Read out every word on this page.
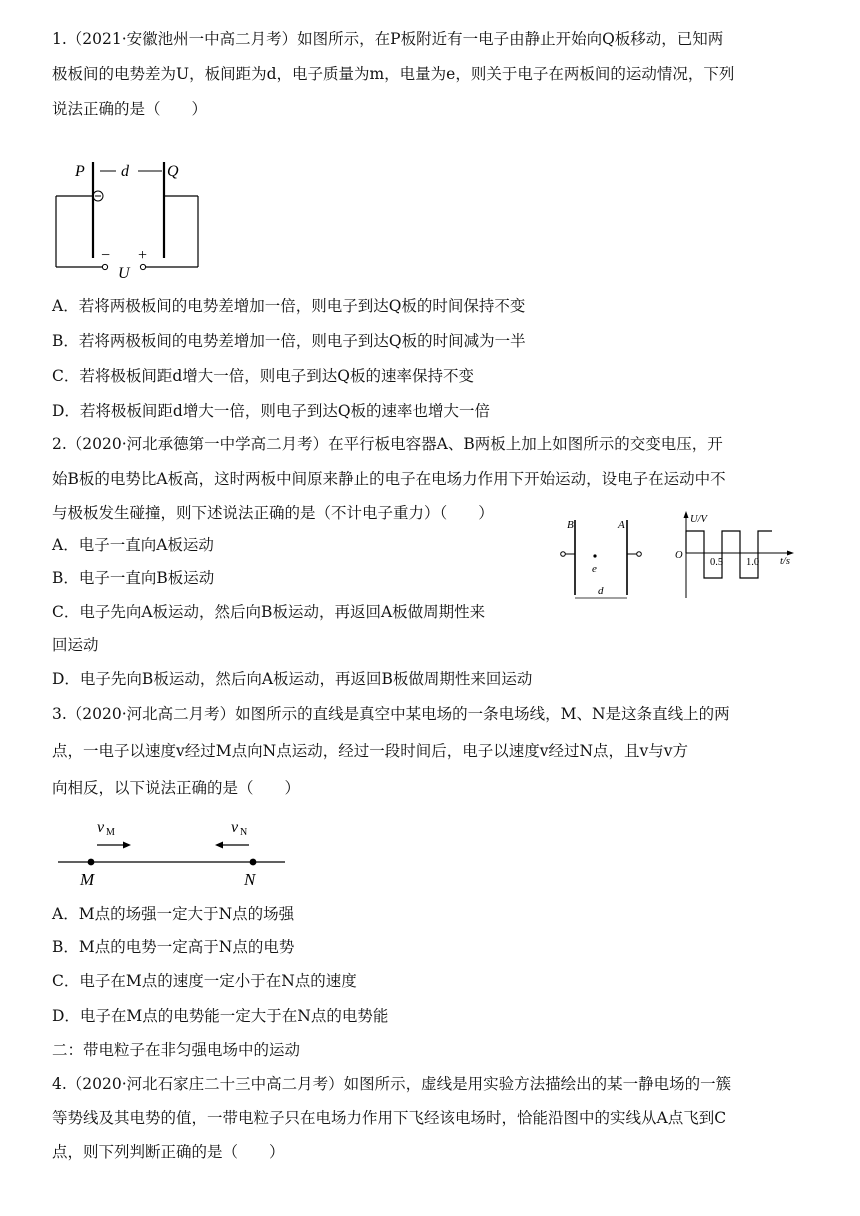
1.（2021·安徽池州一中高二月考）如图所示，在P板附近有一电子由静止开始向Q板移动，已知两
极板间的电势差为U，板间距为d，电子质量为m，电量为e，则关于电子在两板间的运动情况，下列
说法正确的是（　　）
P	Q
d
− +
U
A．若将两极板间的电势差增加一倍，则电子到达Q板的时间保持不变
B．若将两极板间的电势差增加一倍，则电子到达Q板的时间减为一半
C．若将极板间距d增大一倍，则电子到达Q板的速率保持不变
D．若将极板间距d增大一倍，则电子到达Q板的速率也增大一倍
2.（2020·河北承德第一中学高二月考）在平行板电容器A、B两板上加上如图所示的交变电压，开
始B板的电势比A板高，这时两板中间原来静止的电子在电场力作用下开始运动，设电子在运动中不
与极板发生碰撞，则下述说法正确的是（不计电子重力）（　　）
B	A
e
d
U/V
t/s
O
0.5 1.0
A．电子一直向A板运动
B．电子一直向B板运动
C．电子先向A板运动，然后向B板运动，再返回A板做周期性来
回运动
D．电子先向B板运动，然后向A板运动，再返回B板做周期性来回运动
3.（2020·河北高二月考）如图所示的直线是真空中某电场的一条电场线，M、N是这条直线上的两
点，一电子以速度v经过M点向N点运动，经过一段时间后，电子以速度v经过N点，且v与v方
向相反，以下说法正确的是（　　）
v M	v N
M	N
A．M点的场强一定大于N点的场强
B．M点的电势一定高于N点的电势
C．电子在M点的速度一定小于在N点的速度
D．电子在M点的电势能一定大于在N点的电势能
二：带电粒子在非匀强电场中的运动
4.（2020·河北石家庄二十三中高二月考）如图所示，虚线是用实验方法描绘出的某一静电场的一簇
等势线及其电势的值，一带电粒子只在电场力作用下飞经该电场时，恰能沿图中的实线从A点飞到C
点，则下列判断正确的是（　　）
